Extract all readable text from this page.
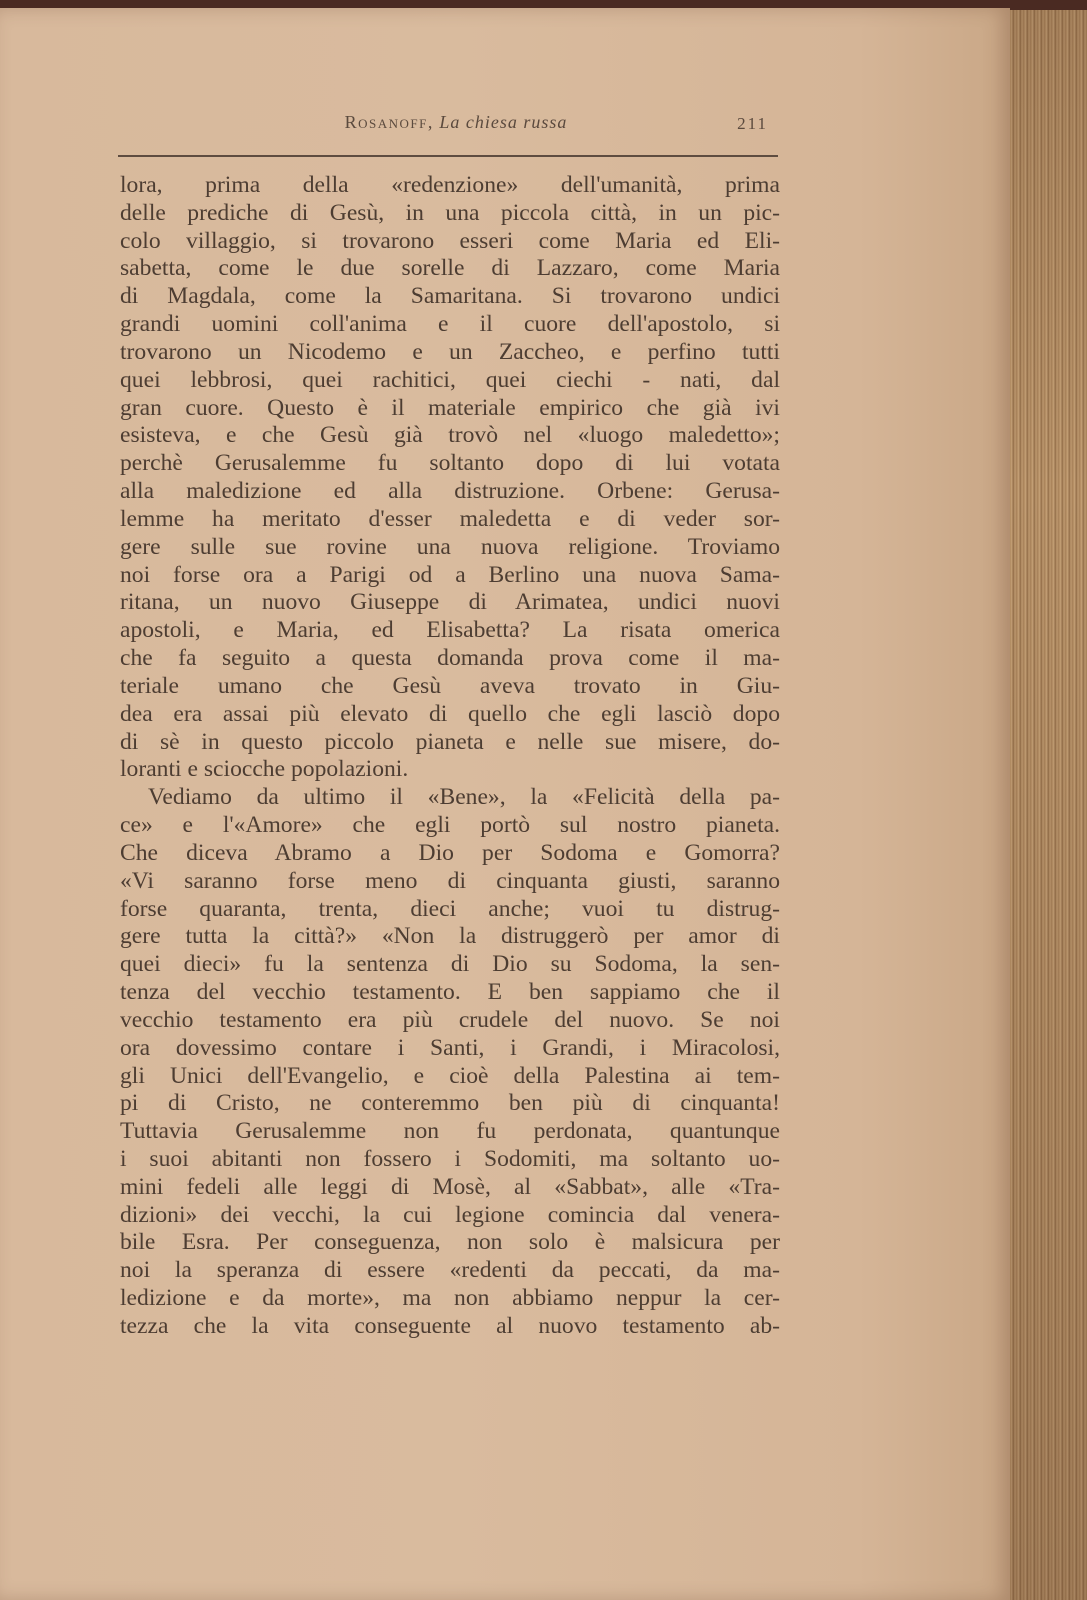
Rosanoff, La chiesa russa	211
lora, prima della «redenzione» dell'umanità, prima
delle prediche di Gesù, in una piccola città, in un pic-
colo villaggio, si trovarono esseri come Maria ed Eli-
sabetta, come le due sorelle di Lazzaro, come Maria
di Magdala, come la Samaritana. Si trovarono undici
grandi uomini coll'anima e il cuore dell'apostolo, si
trovarono un Nicodemo e un Zaccheo, e perfino tutti
quei lebbrosi, quei rachitici, quei ciechi - nati, dal
gran cuore. Questo è il materiale empirico che già ivi
esisteva, e che Gesù già trovò nel «luogo maledetto»;
perchè Gerusalemme fu soltanto dopo di lui votata
alla maledizione ed alla distruzione. Orbene: Gerusa-
lemme ha meritato d'esser maledetta e di veder sor-
gere sulle sue rovine una nuova religione. Troviamo
noi forse ora a Parigi od a Berlino una nuova Sama-
ritana, un nuovo Giuseppe di Arimatea, undici nuovi
apostoli, e Maria, ed Elisabetta? La risata omerica
che fa seguito a questa domanda prova come il ma-
teriale umano che Gesù aveva trovato in Giu-
dea era assai più elevato di quello che egli lasciò dopo
di sè in questo piccolo pianeta e nelle sue misere, do-
loranti e sciocche popolazioni.
Vediamo da ultimo il «Bene», la «Felicità della pa-
ce» e l'«Amore» che egli portò sul nostro pianeta.
Che diceva Abramo a Dio per Sodoma e Gomorra?
«Vi saranno forse meno di cinquanta giusti, saranno
forse quaranta, trenta, dieci anche; vuoi tu distrug-
gere tutta la città?» «Non la distruggerò per amor di
quei dieci» fu la sentenza di Dio su Sodoma, la sen-
tenza del vecchio testamento. E ben sappiamo che il
vecchio testamento era più crudele del nuovo. Se noi
ora dovessimo contare i Santi, i Grandi, i Miracolosi,
gli Unici dell'Evangelio, e cioè della Palestina ai tem-
pi di Cristo, ne conteremmo ben più di cinquanta!
Tuttavia Gerusalemme non fu perdonata, quantunque
i suoi abitanti non fossero i Sodomiti, ma soltanto uo-
mini fedeli alle leggi di Mosè, al «Sabbat», alle «Tra-
dizioni» dei vecchi, la cui legione comincia dal venera-
bile Esra. Per conseguenza, non solo è malsicura per
noi la speranza di essere «redenti da peccati, da ma-
ledizione e da morte», ma non abbiamo neppur la cer-
tezza che la vita conseguente al nuovo testamento ab-
